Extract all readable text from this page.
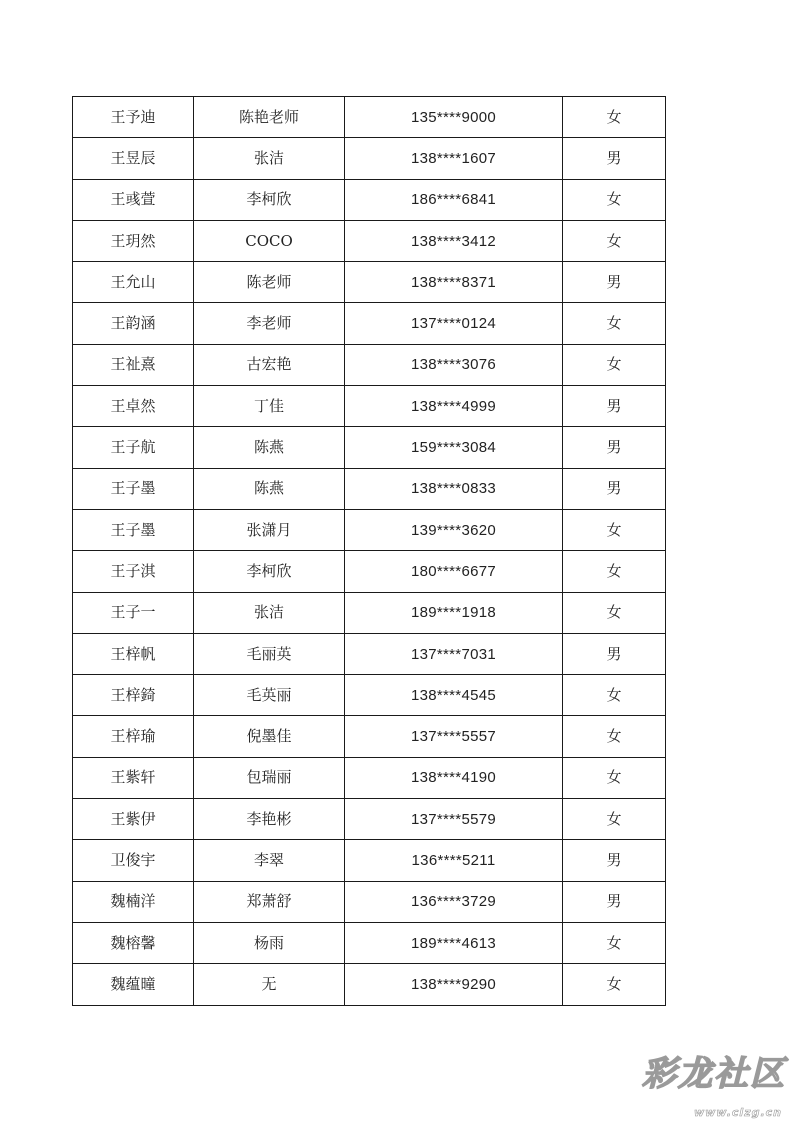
王予迪	陈艳老师	135****9000	女
王昱辰	张洁	138****1607	男
王彧萱	李柯欣	186****6841	女
王玥然	COCO	138****3412	女
王允山	陈老师	138****8371	男
王韵涵	李老师	137****0124	女
王祉熹	古宏艳	138****3076	女
王卓然	丁佳	138****4999	男
王子航	陈燕	159****3084	男
王子墨	陈燕	138****0833	男
王子墨	张潇月	139****3620	女
王子淇	李柯欣	180****6677	女
王子一	张洁	189****1918	女
王梓帆	毛丽英	137****7031	男
王梓錡	毛英丽	138****4545	女
王梓瑜	倪墨佳	137****5557	女
王紫轩	包瑞丽	138****4190	女
王紫伊	李艳彬	137****5579	女
卫俊宇	李翠	136****5211	男
魏楠洋	郑萧舒	136****3729	男
魏榕馨	杨雨	189****4613	女
魏蕴曈	无	138****9290	女
彩龙社区
www.clzg.cn
